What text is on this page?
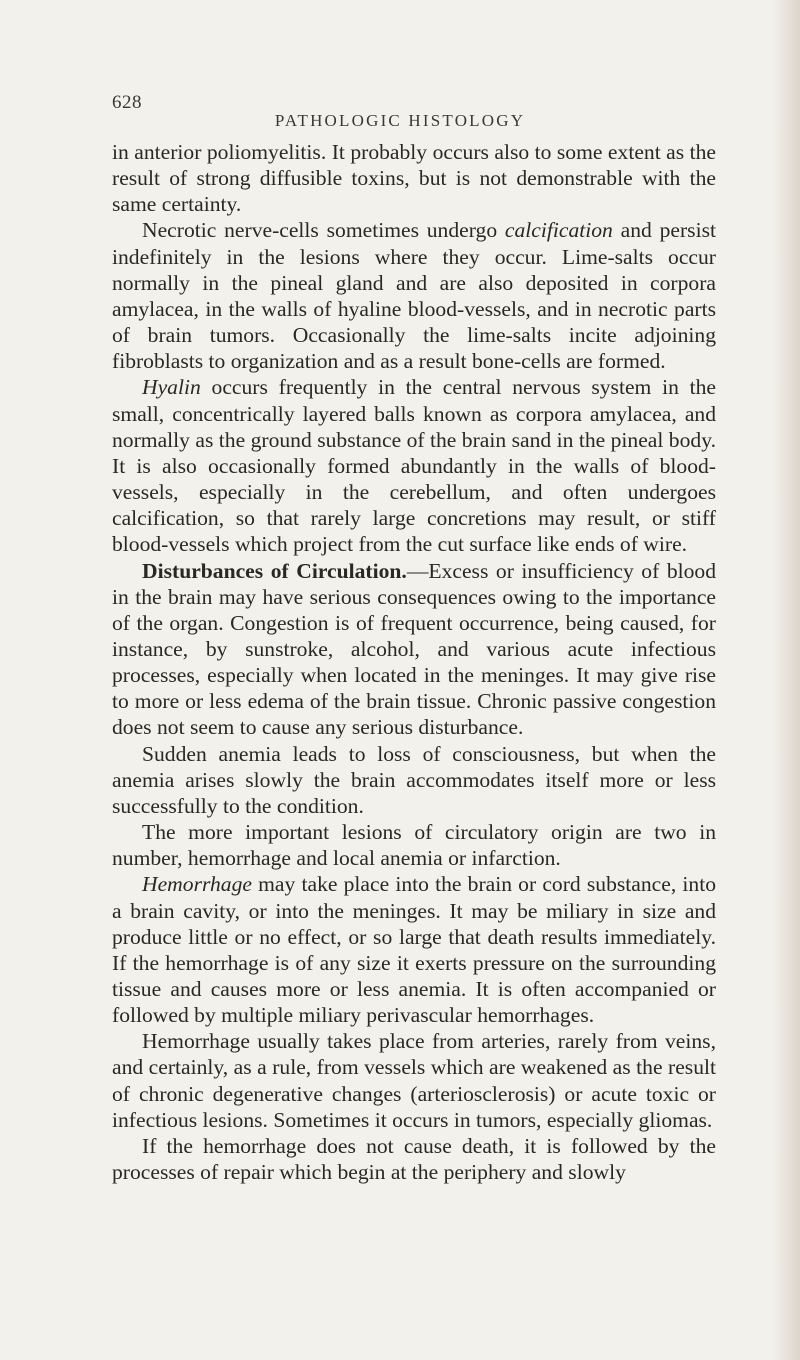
628
PATHOLOGIC HISTOLOGY

in anterior poliomyelitis. It probably occurs also to some extent as the result of strong diffusible toxins, but is not demonstrable with the same certainty.

Necrotic nerve-cells sometimes undergo calcification and persist indefinitely in the lesions where they occur. Lime-salts occur normally in the pineal gland and are also deposited in corpora amylacea, in the walls of hyaline blood-vessels, and in necrotic parts of brain tumors. Occasionally the lime-salts incite adjoining fibroblasts to organization and as a result bone-cells are formed.

Hyalin occurs frequently in the central nervous system in the small, concentrically layered balls known as corpora amylacea, and normally as the ground substance of the brain sand in the pineal body. It is also occasionally formed abundantly in the walls of blood-vessels, especially in the cerebellum, and often undergoes calcification, so that rarely large concretions may result, or stiff blood-vessels which project from the cut surface like ends of wire.

Disturbances of Circulation.—Excess or insufficiency of blood in the brain may have serious consequences owing to the importance of the organ. Congestion is of frequent occurrence, being caused, for instance, by sunstroke, alcohol, and various acute infectious processes, especially when located in the meninges. It may give rise to more or less edema of the brain tissue. Chronic passive congestion does not seem to cause any serious disturbance.

Sudden anemia leads to loss of consciousness, but when the anemia arises slowly the brain accommodates itself more or less successfully to the condition.

The more important lesions of circulatory origin are two in number, hemorrhage and local anemia or infarction.

Hemorrhage may take place into the brain or cord substance, into a brain cavity, or into the meninges. It may be miliary in size and produce little or no effect, or so large that death results immediately. If the hemorrhage is of any size it exerts pressure on the surrounding tissue and causes more or less anemia. It is often accompanied or followed by multiple miliary perivascular hemorrhages.

Hemorrhage usually takes place from arteries, rarely from veins, and certainly, as a rule, from vessels which are weakened as the result of chronic degenerative changes (arteriosclerosis) or acute toxic or infectious lesions. Sometimes it occurs in tumors, especially gliomas.

If the hemorrhage does not cause death, it is followed by the processes of repair which begin at the periphery and slowly
